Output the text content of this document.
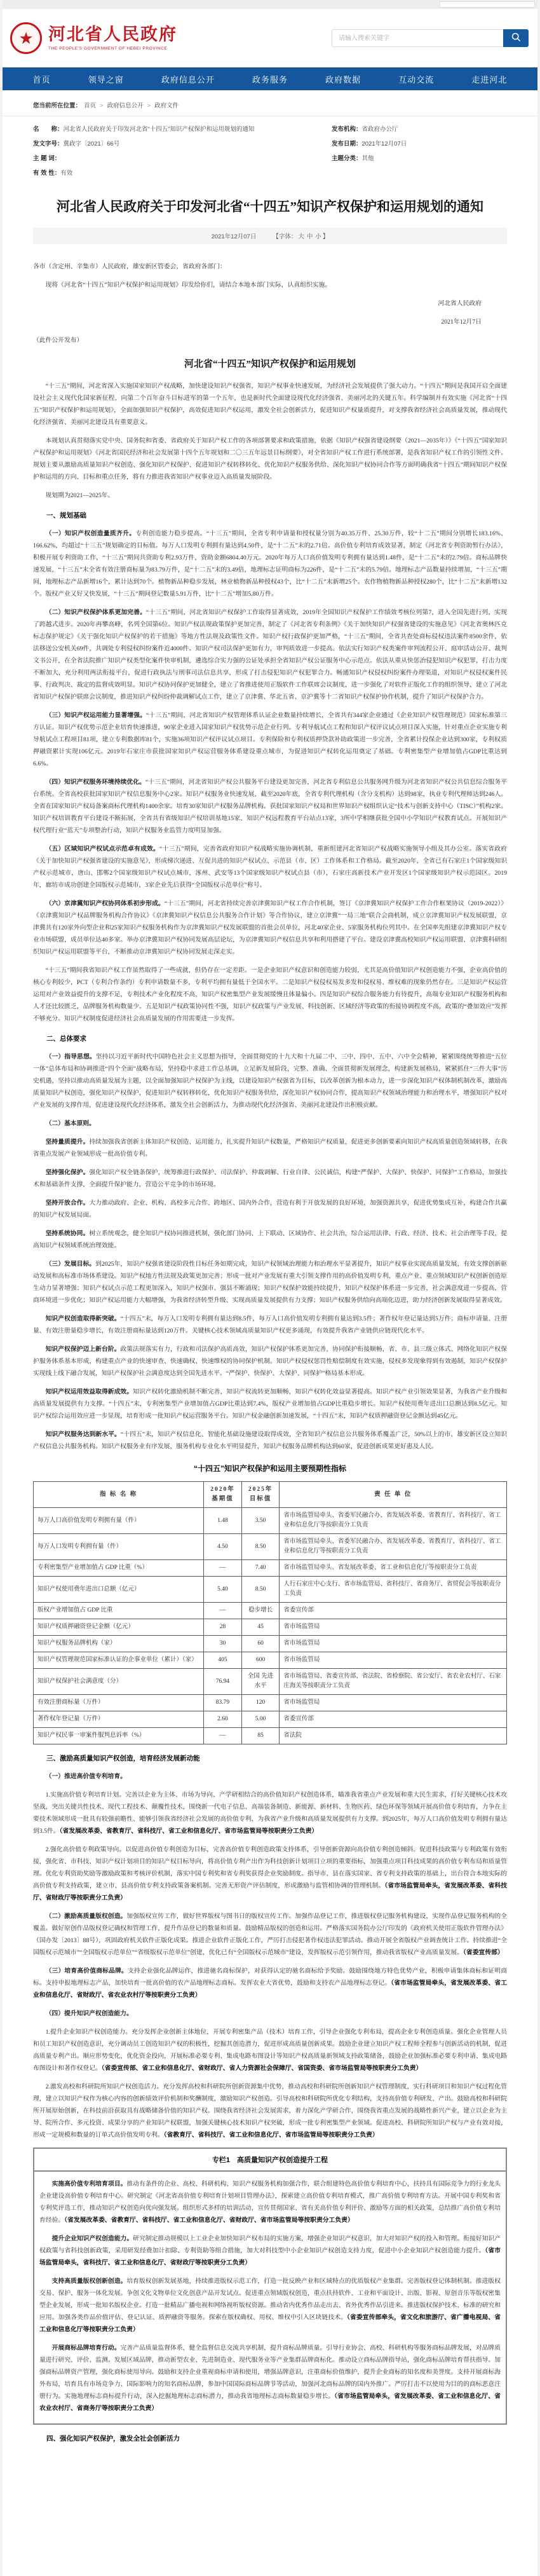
★ 河北省人民政府
THE PEOPLE'S GOVERNMENT OF HEBEI PROVINCE
请输入搜索关键字
首页	领导之窗	政府信息公开	政务服务	政府数据	互动交流	走进河北
您当前所在位置： 首页 > 政府信息公开 > 政府文件
名　　称： 河北省人民政府关于印发河北省“十四五”知识产权保护和运用规划的通知
发文字号： 冀政字〔2021〕66号
主 题 词：
有 效 性： 有效
发布机构： 省政府办公厅
发布日期： 2021年12月07日
主题分类： 其他
河北省人民政府关于印发河北省“十四五”知识产权保护和运用规划的通知
2021年12月07日	【字体： 大 中 小 】

各市（含定州、辛集市）人民政府，雄安新区管委会，省政府各部门：

现将《河北省“十四五”知识产权保护和运用规划》印发给你们，请结合本地本部门实际，认真组织实施。

河北省人民政府

2021年12月7日

（此件公开发布）

河北省“十四五”知识产权保护和运用规划

“十三五”期间，河北省深入实施国家知识产权战略，加快建设知识产权强省，知识产权事业快速发展，为经济社会发展提供了强大动力。“十四五”期间是我国开启全面建设社会主义现代化国家新征程、向第二个百年奋斗目标进军的第一个五年，也是新时代全面建设现代化经济强省、美丽河北的关键五年。科学编制并有效实施《河北省“十四五”知识产权保护和运用规划》，全面加强知识产权保护，高效促进知识产权运用，激发全社会创新活力，促进知识产权量质提升，对支撑我省经济社会高质量发展，推动现代化经济强省、美丽河北建设具有重要意义。

本规划认真贯彻落实党中央、国务院和省委、省政府关于知识产权工作的各项部署要求和政策措施，依据《知识产权强省建设纲要（2021—2035年）》《“十四五”国家知识产权保护和运用规划》《河北省国民经济和社会发展第十四个五年规划和二〇三五年远景目标纲要》，对全省知识产权工作进行系统部署，是我省知识产权工作的引领性文件。规划主要从激励高质量知识产权创造、强化知识产权保护、促进知识产权转移转化、优化知识产权服务供给、深化知识产权协同合作等方面明确我省“十四五”期间知识产权保护和运用的方向、目标和重点任务，将有力推进我省知识产权事业迈入高质量发展阶段。

规划期为2021—2025年。

一、规划基础

（一）知识产权创造量质齐升。专利创造能力稳步提高。“十三五”期间，全省专利申请量和授权量分别为40.35万件、25.30万件，较“十二五”期间分别增长183.16%、166.62%，均超过“十三五”规划确定的目标值。每万人口发明专利拥有量达到4.50件，是“十二五”末的2.71倍。高价值专利培育成效显著，制定《河北省专利资助暂行办法》，积极开展专利资助工作，“十三五”期间共资助专利2.93万件，资助金额6804.40万元。2020年每万人口高价值发明专利拥有量达到1.48件，是“十二五”末的2.79倍。商标品牌快速发展，“十三五”末全省有效注册商标量为83.79万件，是“十二五”末的3.49倍，地理标志证明商标为226件，是“十二五”末的5.79倍。地理标志产品数量持续增加，“十三五”期间，地理标志产品新增16个，累计达到70个。植物新品种稳步发展，林业植物新品种授权43个，比“十二五”末新增25个。农作物植物新品种授权280个，比“十二五”末新增132个。版权产业又好又快发展，“十三五”期间登记数量5.91万件，比“十二五”增加5.80万件。

（二）知识产权保护体系更加完善。“十三五”期间，河北省知识产权保护工作取得显著成效，2019年全国知识产权保护工作绩效考核位列第7，进入全国先进行列，实现了跨越式进步。2020年再攀高峰，名列全国第6位。知识产权法规政策保护更加完善，制定了《河北省专利条例》《关于加快知识产权强省建设的实施意见》《河北省奥林匹克标志保护规定》《关于强化知识产权保护的若干措施》等地方性法规及政策性文件。知识产权行政保护更加严格，“十三五”期间，全省共查处商标侵权违法案件8500余件，依法移送公安机关69件，共调处专利侵权纠纷案件近4000件。知识产权司法保护更加有力，审判质效进一步提高。依法实行知识产权类案件审判流程公开、庭审活动公开、裁判文书公开，在全省法院推广知识产权类型化案件快审机制，遴选综合实力强的公证处承担全省知识产权公证服务中心示范点。依法从重从快惩治侵犯知识产权犯罪，打击力度不断加大，充分利用两法衔接平台，促进行政执法与刑事司法信息共享，形成了打击侵犯知识产权犯罪合力。畅通知识产权侵权纠纷案件办理渠道，对知识产权侵权案件民事、行政判决、裁定的监督成效明显。知识产权协同保护更加健全，建立了省推进使用正版软件工作联席会议制度，进一步强化了对软件正版化工作的组织领导，建立了河北省知识产权保护联席会议制度，推进知识产权纠纷仲裁调解试点工作，建立了京津冀、华北五省、京沪冀等十二省知识产权保护协作机制，提升了知识产权保护合力。

（三）知识产权运用能力显著增强。“十三五”期间，河北省知识产权管理体系认证企业数量持续增长，全省共有344家企业通过《企业知识产权管理规范》国家标准第三方认证。知识产权优势示范企业培育快速推进，90家企业进入国家知识产权优势示范企业行列。专利导航试点工程和知识产权评议试点项目深入实施，针对重点企业实施专利导航试点工程项目81项，建立专利数据库81个，实施36项知识产权评议试点项目。专利保险和专利权质押贷款补助政策进一步完善，全省累计投保企业达到300家，专利权质押融资累计实现106亿元。2019年石家庄市获批国家知识产权运营服务体系建设重点城市，为促进知识产权转化运用奠定了基础。专利密集型产业增加值占GDP比重达到6.6%。

（四）知识产权服务环境持续优化。“十三五”期间，河北省知识产权公共服务平台建设更加完善，河北省专利信息公共服务网升级为河北省知识产权公共信息综合服务平台系统。全省高校获批国家知识产权信息服务中心2家。知识产权服务业快速发展，截至2020年底，全省专利代理机构（含分支机构）达到98家，执业专利代理师达到246人。全省在国家知识产权局备案商标代理机构1400余家。培育30家知识产权服务品牌机构。获批国家知识产权局和世界知识产权组织认定“技术与创新支持中心（TISC）”机构2家。知识产权培训教育平台建设不断拓展，全省共有省级知识产权培训基地15家、知识产权远程教育平台站点13家，3所中学相继获批全国中小学知识产权教育试点。开展知识产权代理行业“蓝天”专项整治行动，知识产权服务业监管力度明显加强。

（五）区域知识产权试点示范卓有成效。“十三五”期间，完善省政府知识产权战略实施协调机制，重新组建河北省知识产权战略实施领导小组及其办公室。落实省政府《关于加快知识产权强省建设的实施意见》，形成梯次递进、互促共进的知识产权试点、示范县（市、区）工作体系和工作格局。截至2020年，全省已有石家庄1个国家级知识产权示范城市，唐山、邯郸2个国家级知识产权试点城市，涿州、武安等13个国家级知识产权试点县（市），石家庄高新技术产业开发区1个国家级知识产权示范园区。2019年，廊坊市成功创建全国版权示范城市，3家企业先后获得“全国版权示范单位”称号。

（六）京津冀知识产权协同体系初步形成。“十三五”期间，河北省持续完善京津冀知识产权工作合作机制，签订《京津冀知识产权保护工作合作框架协议（2019-2022）》《京津冀知识产权品牌服务机构合作协议》《京津冀知识产权信息公共服务合作计划》等合作协议，建立京津冀“一局三地”联合会商机制，成立京津冀知识产权发展联盟，京津冀共有120家外向型企业和25家知识产权服务机构作为京津冀知识产权发展联盟的首批会员单位，河北40家企业、5家服务机构位列其中。在全国率先组建京津冀知识产权专业市场联盟，成员单位达40多家。举办京津冀知识产权协同发展高层论坛，为京津冀知识产权信息共享和利用搭建了平台。建设京津冀高校知识产权运用联盟、京津冀科研组织知识产权运用联盟等平台，不断推动京津冀知识产权协同发展走深走实。

“十三五”期间我省知识产权工作虽然取得了一些成就，但仍存在一定差距。一是企业知识产权意识和创造能力较弱，尤其是高价值知识产权创造能力不强，企业高价值的核心专利较少，PCT（专利合作条约）专利申请数量不多，专利平均拥有量低于全国水平。二是知识产权侵权易发多发和侵权易、维权难的现象仍然存在。三是知识产权运营运用对产业效益提升的支撑不足，专利技术产业化程度不高，知识产权密集型产业发展缓慢且体量偏小。四是知识产权综合服务能力有待提升，高端专业知识产权服务机构和人才还比较匮乏，品牌服务机构数量少。五是知识产权政策协同性不强，知识产权政策与产业发展、科技创新、区域经济等政策的衔接协调程度不高，政策的“叠加效应”发挥不够充分。知识产权制度促进经济社会高质量发展的作用需要进一步发挥。

二、总体要求

（一）指导思想。坚持以习近平新时代中国特色社会主义思想为指导，全面贯彻党的十九大和十九届二中、三中、四中、五中、六中全会精神，紧紧围绕统筹推进“五位一体”总体布局和协调推进“四个全面”战略布局，坚持稳中求进工作总基调，立足新发展阶段，完整、准确、全面贯彻新发展理念，构建新发展格局，紧紧抓住“三件大事”历史机遇，坚持以推动高质量发展为主题，以全面加强知识产权保护为主线，以建设知识产权强省为目标，以改革创新为根本动力，进一步深化知识产权体制机制改革，激励高质量知识产权创造，强化知识产权保护，促进知识产权转移转化，优化知识产权服务供给，深化知识产权协同合作，提高知识产权领域治理能力和治理水平，增强知识产权对产业发展的支撑作用，促进建设现代化经济体系，激发全社会创新活力，为推动现代化经济强省、美丽河北建设作出积极贡献。

（二）基本原则。

坚持量质提升。持续加强我省创新主体知识产权创造、运用能力，扎实提升知识产权数量，严格知识产权质量，促进更多创新要素向知识产权高质量创造领域转移，在我省重点发展产业领域形成一批高价值专利。

坚持强化保护。强化知识产权全链条保护，统筹推进行政保护、司法保护、仲裁调解、行业自律、公民诚信，构建“严保护、大保护、快保护、同保护”工作格局，加强技术和基础条件支撑，全面提升保护能力，营造公平竞争的市场环境。

坚持开放合作。大力推动政府、企业、机构、高校多元合作、跨地区、国内外合作，营造有利于开放发展的良好环境，加强资源共享，促进优势集成互补，构建合作共赢的知识产权发展局面。

坚持系统协同。树立系统观念，健全知识产权协同推进机制，强化部门协同、上下联动、区域协作、社会共治，综合运用法律、行政、经济、技术、社会治理等手段，提高知识产权领域系统治理效能。

（三）发展目标。到2025年，知识产权强省建设阶段性目标任务如期完成，知识产权领域治理能力和治理水平显著提升，知识产权事业实现高质量发展，有效支撑创新驱动发展和高标准市场体系建设。知识产权地方性法规及政策更加完善；形成一批对产业发展有重大引领支撑作用的高价值发明专利，重点产业、重点领域知识产权创新创造原生动力显著增强；知识产权试点示范工程更加深入，知识产权强市、强县不断涌现；知识产权保护效能持续提升，知识产权保护体系进一步完善，社会满意度进一步提高，营商环境进一步优化；知识产权运用能力大幅增强，为我省经济转型升级、实现高质量发展提供有力支撑；知识产权服务供给向高端化迈进，助力经济创新发展取得显著成效。

知识产权创造取得新突破。“十四五”末，每万人口发明专利拥有量达到8.5件，每万人口高价值发明专利拥有量达到3.5件；著作权年登记量达到5万件；商标申请量、注册量、有效注册量稳步增长，有效注册商标量达到120万件。关键核心技术领域高质量知识产权更多涌现，有效提升我省产业链供应链现代化水平。

知识产权保护迈上新台阶。政策法规落实有力，行政和司法保护高质高效，知识产权保护体系更加完善，协同保护衔接顺畅，省、市、县三级立体式、网络化知识产权保护服务体系基本形成，构建重点产业的快速审查、快速确权、快速维权的协同保护机制。知识产权侵权惩罚性赔偿制度有效实施，侵权多发现象得到有效遏制，知识产权保护实现线上线下融合发展，知识产权保护社会满意度达到全国先进水平。“严保护、快保护、大保护、同保护”格局基本形成。

知识产权运用效益取得新成效。知识产权转化激励机制不断完善，知识产权流转更加顺畅，知识产权转化效益显著提高。知识产权产业引领效果显著，为我省产业升级和高质量发展提供有力支撑。“十四五”末，专利密集型产业增加值占GDP比重达到7.4%，版权产业增加值占GDP比重稳步增长。知识产权使用费年进出口总额达到8.5亿元。知识产权综合运用效应进一步显现，培育形成一批知识产权运营服务平台。知识产权金融创新加速发展，“十四五”末，知识产权质押融资登记金额达到45亿元。

知识产权服务达到新水平。“十四五”末，知识产权信息化、智能化基础设施建设取得成效，全省知识产权信息公共服务体系覆盖广泛，50%以上的市、雄安新区设立知识产权信息公共服务机构。知识产权服务业有序发展，服务机构专业化水平明显提升，知识产权服务品牌机构达到60家，促进创新成果更好惠及人民。

“十四五”知识产权保护和运用主要预期性指标

指 标 名 称	2020年 基期值	2025年 目标值	责 任 单 位
每万人口高价值发明专利拥有量（件）	1.48	3.50	省市场监管局牵头、省委军民融合办、省发展改革委、省教育厅、省科技厅、省工业和信息化厅等按职责分工负责
每万人口发明专利拥有量（件）	4.50	8.50	省市场监管局牵头、省委军民融合办、省发展改革委、省教育厅、省科技厅、省工业和信息化厅等按职责分工负责
专利密集型产业增加值占 GDP 比重（%）	—	7.40	省市场监管局牵头、省发展改革委、省工业和信息化厅等按职责分工负责
知识产权使用费年进出口总额（亿元）	5.40	8.50	人行石家庄中心支行、省市场监管局、省科技厅、省商务厅、省贸促会等按职责分工负责
版权产业增加值占 GDP 比重	—	稳步增长	省委宣传部
知识产权质押融资登记金额（亿元）	28	45	省市场监管局
知识产权服务品牌机构（家）	30	60	省市场监管局
知识产权管理规范国家标准认证的企事业单位（累计）（家）	405	600	省市场监管局
知识产权保护社会满意度（分）	76.94	全国 先进水平	省市场监管局、省委宣传部、省法院、省检察院、省公安厅、省农业农村厅、石家庄海关等按职责分工负责
有效注册商标量（万件）	83.79	120	省市场监管局
著作权年登记量（万件）	2.60	5.00	省委宣传部
知识产权民事一审案件服判息诉率（%）	—	85	省法院

三、激励高质量知识产权创造，培育经济发展新动能

（一）推进高价值专利培育。

1.实施高价值专利培育计划。完善以企业为主体、市场为导向、产学研相结合的高价值知识产权创造体系，瞄准我省重点产业发展和重大民生需求，打好关键核心技术攻坚战，突出关键共性技术、现代工程技术、颠覆性技术，围绕新一代电子信息、高端装备制造、新能源、新材料、生物医药、绿色环保等领域开展高价值专利培育，力争在主要技术领域形成一批具有较强前瞻性、能够引领我省经济社会发展的高价值专利，为我省产业升级和高质量发展提供有力支撑。到2025年，每万人口高价值发明专利拥有量达到3.5件。（省发展改革委、省教育厅、省科技厅、省工业和信息化厅、省市场监管局等按职责分工负责）

2.强化高价值专利政策导向。以促进高价值专利创造为目标，完善高价值专利创造政策支持体系，引导创新资源向高价值专利创造倾斜。促进科技政策与专利政策有效衔接，强化省、市科技、知识产权计划项目的知识产权目标导向，将高价值专利产出作为科技创新计划项目立项的重要指标，加强重点项目科技成果的高价值专利布局和质量管理。优化专利资助奖励等激励政策和考核评价机制，落实中国专利奖和省专利奖获得企业奖励制度。指导市、县在落实国家、省专利支持政策的基础上，出台符合本地实际的高价值专利支持政策，建立市、县高价值专利支持政策备案机制。完善无形资产评估制度，形成激励与监管相协调的管理机制。（省市场监管局牵头，省发展改革委、省科技厅、省财政厅等按职责分工负责）

（二）激励高质量版权创造。加强版权宣传工作，做好世界版权与图书日的版权宣传工作。加强作品登记工作，推进版权登记服务机构建设，实现作品登记服务机构的全覆盖。做好原创作品版权登记确权和管理工作，提升作品登记的数量和质量。鼓励精品版权的创造和运用。严格落实国务院办公厅印发的《政府机关使用正版软件管理办法》（国办发〔2013〕88号），巩固政府机关软件正版化成果。推进企业软件正版化工作，严厉打击侵犯著作权违法犯罪活动。推动开展全省版权产业调查统计工作。持续推进“全国版权示范城市”“全国版权示范单位”“省级版权示范单位”创建，优化已有“全国版权示范城市”建设，发挥版权示范引领作用，推动我省版权产业高质量发展。（省委宣传部）

（三）培育高价值商标品牌。支持企业强化品牌运作，推进驰名商标保护，对获得认定的驰名商标给予奖励。鼓励围绕地方特色优势产业，积极申请集体商标和证明商标。支持申报地理标志产品，加快培育一批高价值的农产品地理标志商标。发挥农业大省优势，鼓励和支持农产品地理标志登记。（省市场监管局牵头，省发展改革委、省工业和信息化厅、省财政厅、省农业农村厅等按职责分工负责）

（四）提升知识产权创造能力。

1.提升企业知识产权创造能力。充分发挥企业创新主体地位，开展专利密集产品（技术）培育工作，引导企业强化专利布局，提高企业专利创造质量。强化企业管理人员和员工知识产权创造意识，充分调动员工创造知识产权的积极性，挖掘其创造潜力，促进形成高质量创新成果。鼓励企业建立知识产权工程师全程参与创新活动的机制，促进高质量专利产出。顺应形势变化，优化资金投向，开展标准必要专利、集成电路布图设计等知识产权高质量新领域支持政策储备，鼓励企业加强标准必要专利申请、集成电路布图设计和著作权登记。（省委宣传部、省工业和信息化厅、省财政厅、省人力资源社会保障厅、省国资委、省市场监管局等按职责分工负责）

2.激发高校和科研院所知识产权创造活力。充分发挥高校和科研院所创新资源集中优势，推动高校和科研院所创新知识产权管理制度，实行科研项目和知识产权过程化管理，建立以知识产权作为核心内容的创新绩效评价机制和奖酬制度，激励知识产权创造。引导高校和科研院所优化专利结构，支持高价值专利研发、产出。鼓励高校和科研院所开展原始创新，在科技前沿获取具有战略储备价值的知识产权。围绕我省经济社会发展需求，着力深化产学研合作，围绕我省重点发展的战略性新兴产业，建立以企业为主导、院所合作、多元投资、成果分享的产业知识产权联盟，加强关键核心技术知识产权突破，形成一批专利密集型产业领域。促进高校、科研院所知识产权与产业有效对接，形成一定规模和数量的订单式高价值发明专利。（省教育厅、省科技厅、省工业和信息化厅、省市场监管局等按职责分工负责）

专栏1　高质量知识产权创造提升工程

实施高价值专利培育项目。推动有条件的企业、高校、科研机构、知识产权服务机构加强合作，联合组建特色高价值专利培育中心，扶持具有国际竞争力的行业龙头企业建设高价值专利培育中心。研究制定《河北省高价值专利培育计划项目管理办法》，探索建立高价值专利培育模式，推广高价值专利培育方法。开展中国专利奖和省专利奖评选工作，推动知识产权创造向优向强发展。组织形式多样的培训活动，宣传贯彻国家、省有关高价值专利评价、激励等方面的相关政策，总结推广高价值专利培育经验。（省发展改革委、省教育厅、省科技厅、省工业和信息化厅、省财政厅、省市场监管局等按职责分工负责）

提升企业知识产权创造能力。研究制定推动规模以上工业企业加快知识产权布局的实施方案，增强企业知识产权意识，加大对知识产权的投入和管理。衔接好知识产权政策与省科技创新政策，采用研发经费加计扣除、专利资助等组合措施，加大对科技型中小企业知识产权创造支持力度，促进中小企业知识产权创造能力提升。（省市场监管局牵头，省科技厅、省工业和信息化厅、省财政厅等按职责分工负责）

支持高质量版权创新创造。培育版权创新发展基地，持续推进版权示范工作，打造一批反映产业和区域特点的优质版权产业集群。完善版权登记体制机制。推进版权交易、保护、服务一体化发展。争创文化文物单位文化创意产品开发试点。促进重点领域版权创造，重点扶持软件、工业和平面设计、出版、影视、原创音乐等版权密集型企业发展，形成一批知名版权企业。打造一批精品广播电视和网络视听版权资源。推动省内优秀作品走出去、省外优秀作品引进来。推进版权保护技术、标准的研究和应用。加强各类作品价值评估、登记认证、质押融资等服务。探索在版权确权、用权、维权中引入区块链技术。（省委宣传部牵头，省文化和旅游厅、省广播电视局、省工业和信息化厅等按职责分工负责）

开展商标品牌培育行动。完善产品质量监督体系，健全监督信息交流共享机制，提升商标品牌质量。引导行业协会、高校、科研机构等服务商标品牌发展，对品牌质量进行研究、评价、监测。发展区域品牌，推动新型农业、先进制造业、现代服务业等产业集群品牌商标化。推动设立商标品牌指导站，强化商标品牌培育帮扶指导。加强商标品牌资产管理，强化商标使用导向。鼓励和支持企业重视商标申请和使用，增强品牌意识，注重商标价值维护，提升企业商标的知名度和美誉度。支持开展商标海外布局，培育具有市场竞争力、国际影响力的知名商标品牌，参加中国国际商标品牌节等活动，加强河北商标品牌的国内外推广。严厉打击不以使用为目的的商标恶意注册行为。实施地理标志商标提升行动，深入挖掘地理标志商标潜力，推动我省地理标志商标数量稳步增长。（省市场监管局牵头，省发展改革委、省工业和信息化厅、省农业农村厅、省商务厅等按职责分工负责）

四、强化知识产权保护，激发全社会创新活力
